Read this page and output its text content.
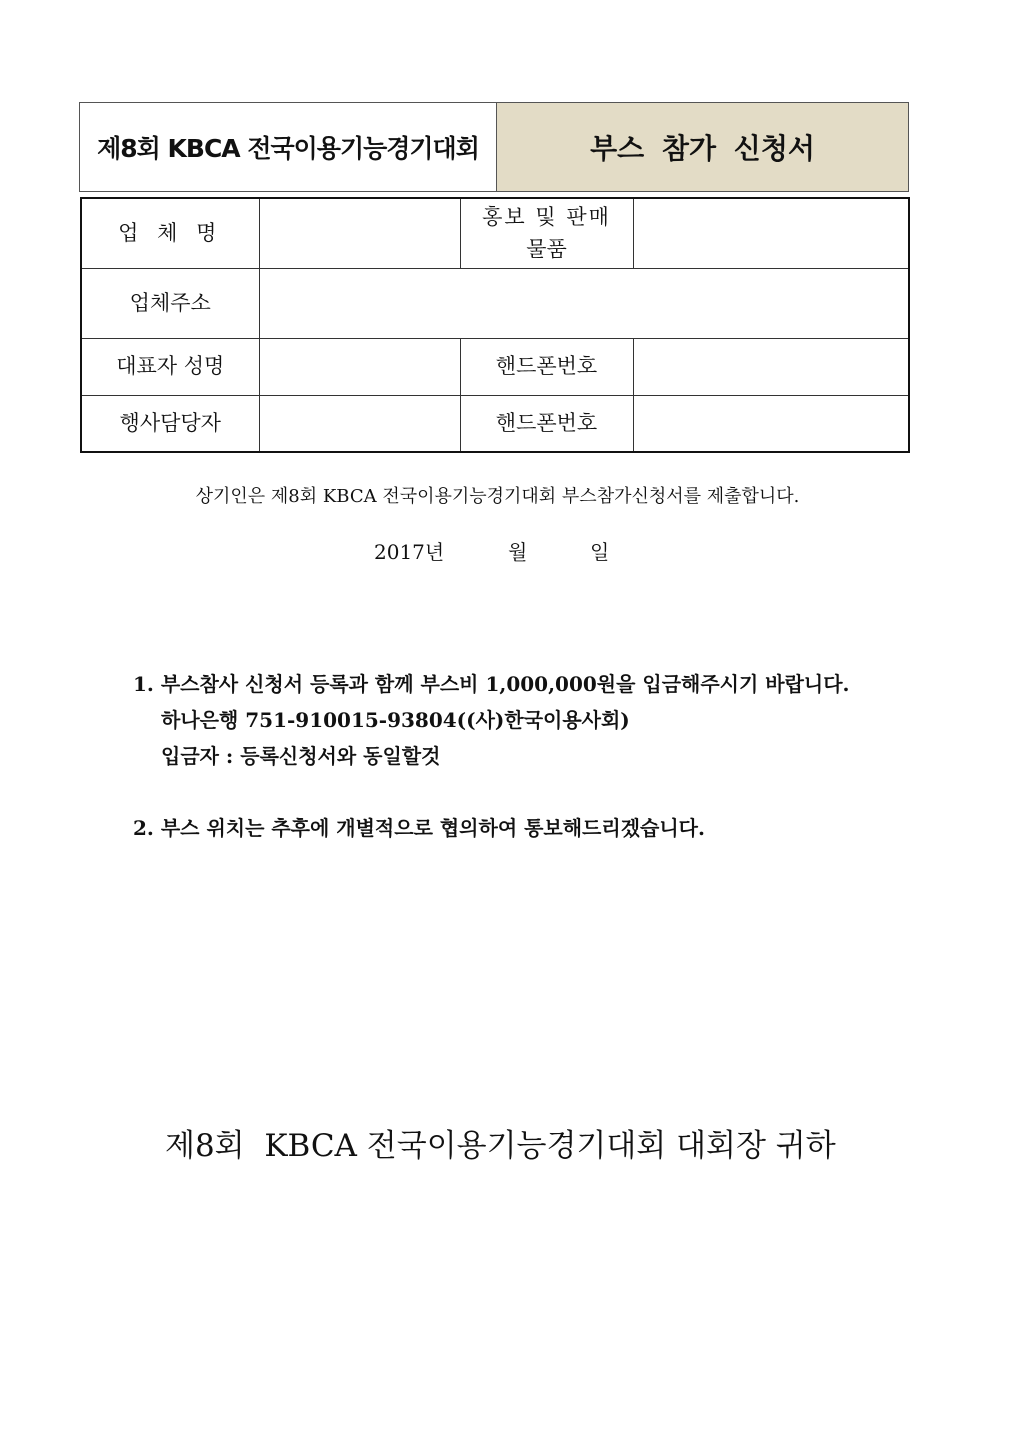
제8회 KBCA 전국이용기능경기대회	부스 참가 신청서
업 체 명		홍보 및 판매
물품	

업체주소			
대표자 성명		핸드폰번호	
행사담당자		핸드폰번호	
상기인은 제8회 KBCA 전국이용기능경기대회 부스참가신청서를 제출합니다.
2017년	월	일
1. 부스참사 신청서 등록과 함께 부스비 1,000,000원을 입금해주시기 바랍니다.
하나은행 751-910015-93804((사)한국이용사회)
입금자 : 등록신청서와 동일할것
2. 부스 위치는 추후에 개별적으로 협의하여 통보해드리겠습니다.
제8회  KBCA 전국이용기능경기대회 대회장 귀하
